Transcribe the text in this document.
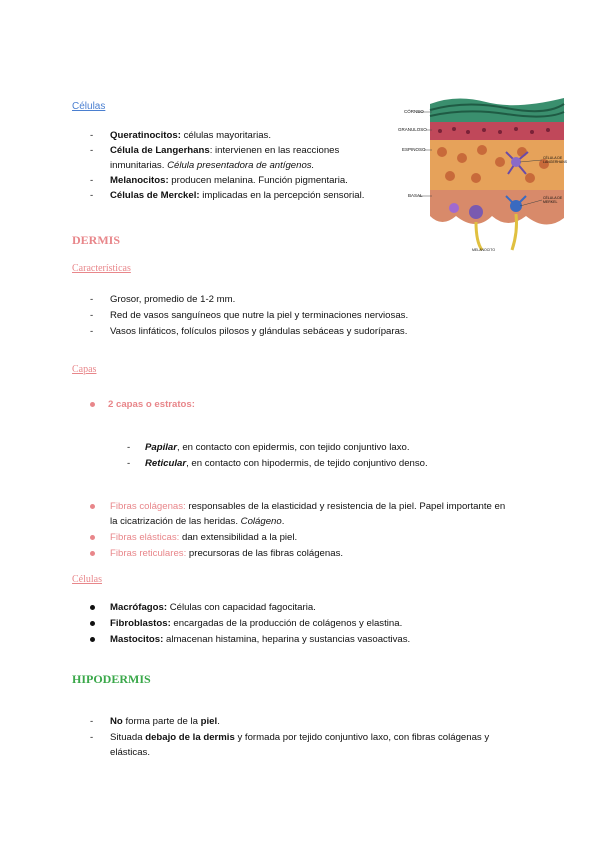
Células
- Queratinocitos: células mayoritarias.
- Célula de Langerhans: intervienen en las reacciones
inmunitarias. Célula presentadora de antígenos.
- Melanocitos: producen melanina. Función pigmentaria.
- Células de Merckel: implicadas en la percepción sensorial.
CÓRNEO
GRANULOSO
ESPINOSO
BASAL
CÉLULA DE LANGERHANS
CÉLULA DE MERKEL
MELANOCITO
DERMIS
Características
- Grosor, promedio de 1-2 mm.
- Red de vasos sanguíneos que nutre la piel y terminaciones nerviosas.
- Vasos linfáticos, folículos pilosos y glándulas sebáceas y sudoríparas.
Capas
2 capas o estratos:
- Papilar, en contacto con epidermis, con tejido conjuntivo laxo.
- Reticular, en contacto con hipodermis, de tejido conjuntivo denso.
Fibras colágenas: responsables de la elasticidad y resistencia de la piel. Papel importante en
la cicatrización de las heridas. Colágeno.
Fibras elásticas: dan extensibilidad a la piel.
Fibras reticulares: precursoras de las fibras colágenas.
Células
Macrófagos: Células con capacidad fagocitaria.
Fibroblastos: encargadas de la producción de colágenos y elastina.
Mastocitos: almacenan histamina, heparina y sustancias vasoactivas.
HIPODERMIS
- No forma parte de la piel.
- Situada debajo de la dermis y formada por tejido conjuntivo laxo, con fibras colágenas y
elásticas.
